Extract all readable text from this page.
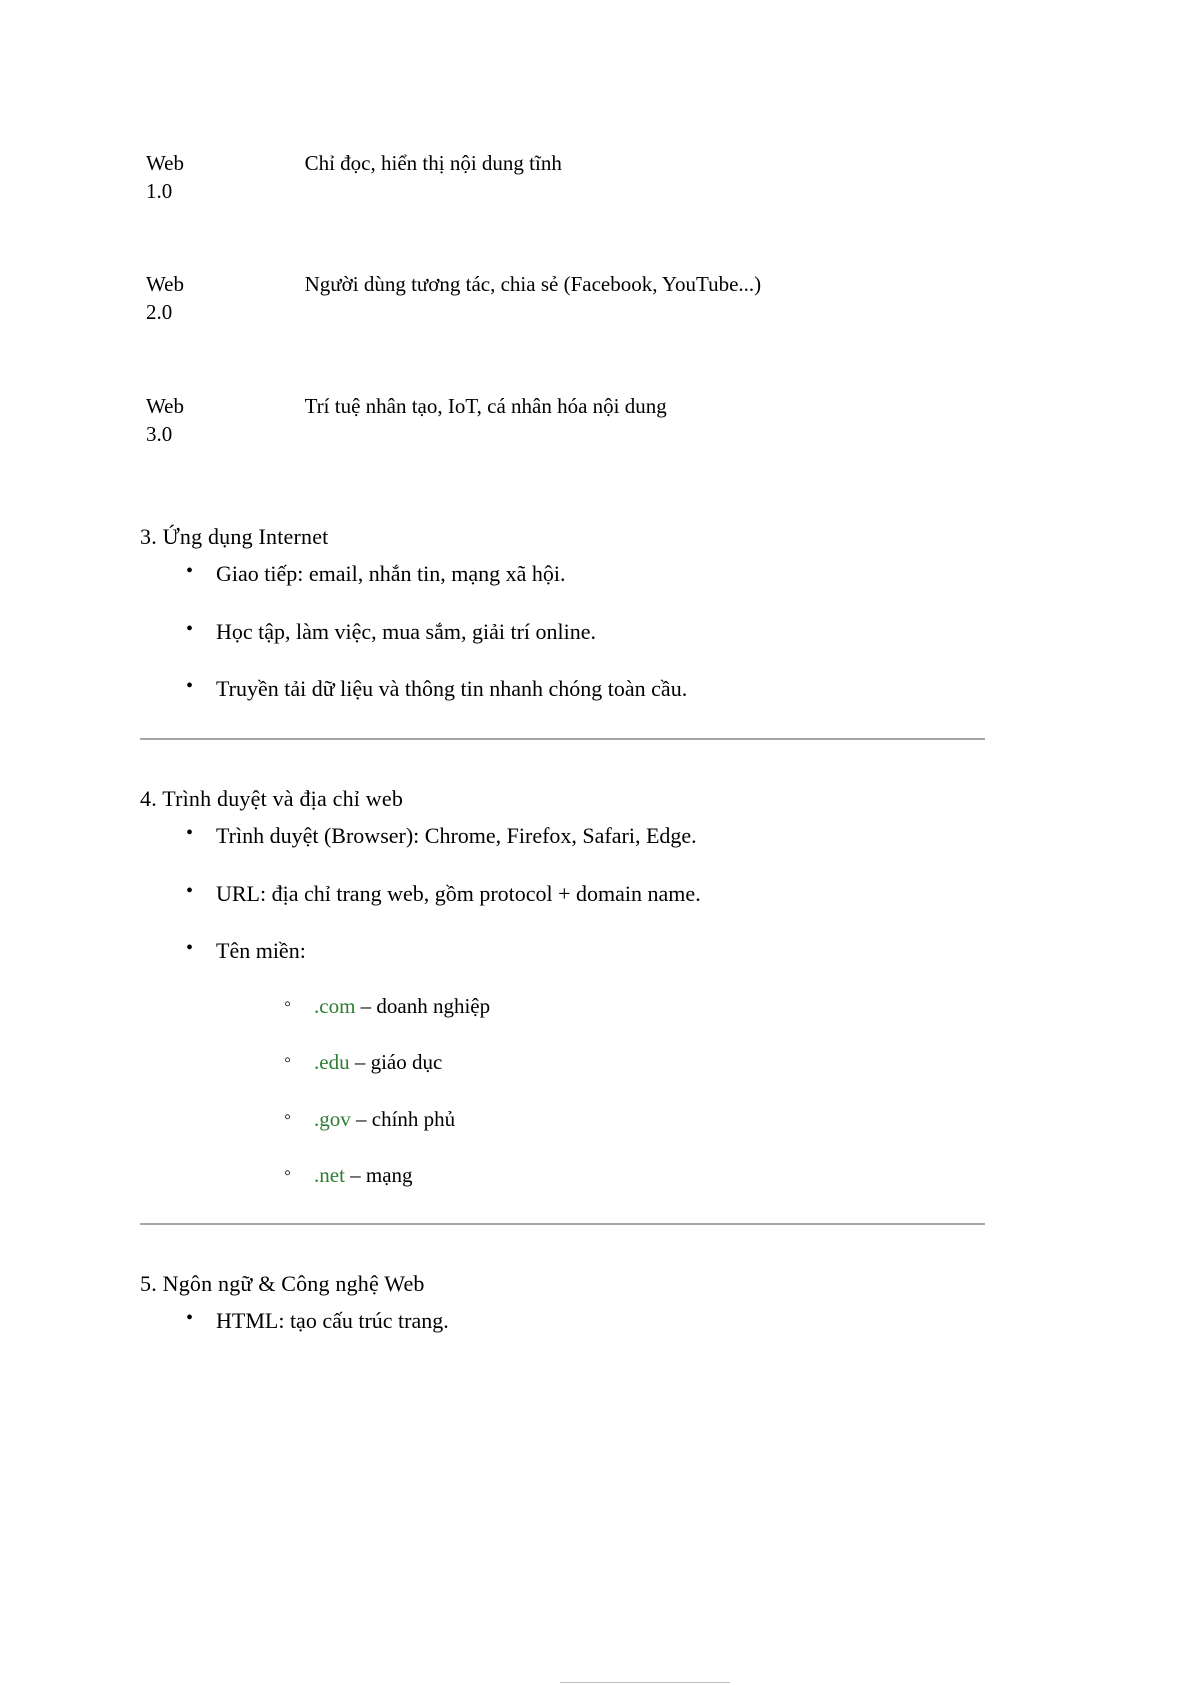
Web
1.0	Chỉ đọc, hiển thị nội dung tĩnh

Web
2.0	Người dùng tương tác, chia sẻ (Facebook, YouTube...)

Web
3.0	Trí tuệ nhân tạo, IoT, cá nhân hóa nội dung
3. Ứng dụng Internet
• Giao tiếp: email, nhắn tin, mạng xã hội.
• Học tập, làm việc, mua sắm, giải trí online.
• Truyền tải dữ liệu và thông tin nhanh chóng toàn cầu.
4. Trình duyệt và địa chỉ web
• Trình duyệt (Browser): Chrome, Firefox, Safari, Edge.
• URL: địa chỉ trang web, gồm protocol + domain name.
• Tên miền:
◦ .com – doanh nghiệp
◦ .edu – giáo dục
◦ .gov – chính phủ
◦ .net – mạng
5. Ngôn ngữ & Công nghệ Web
• HTML: tạo cấu trúc trang.
